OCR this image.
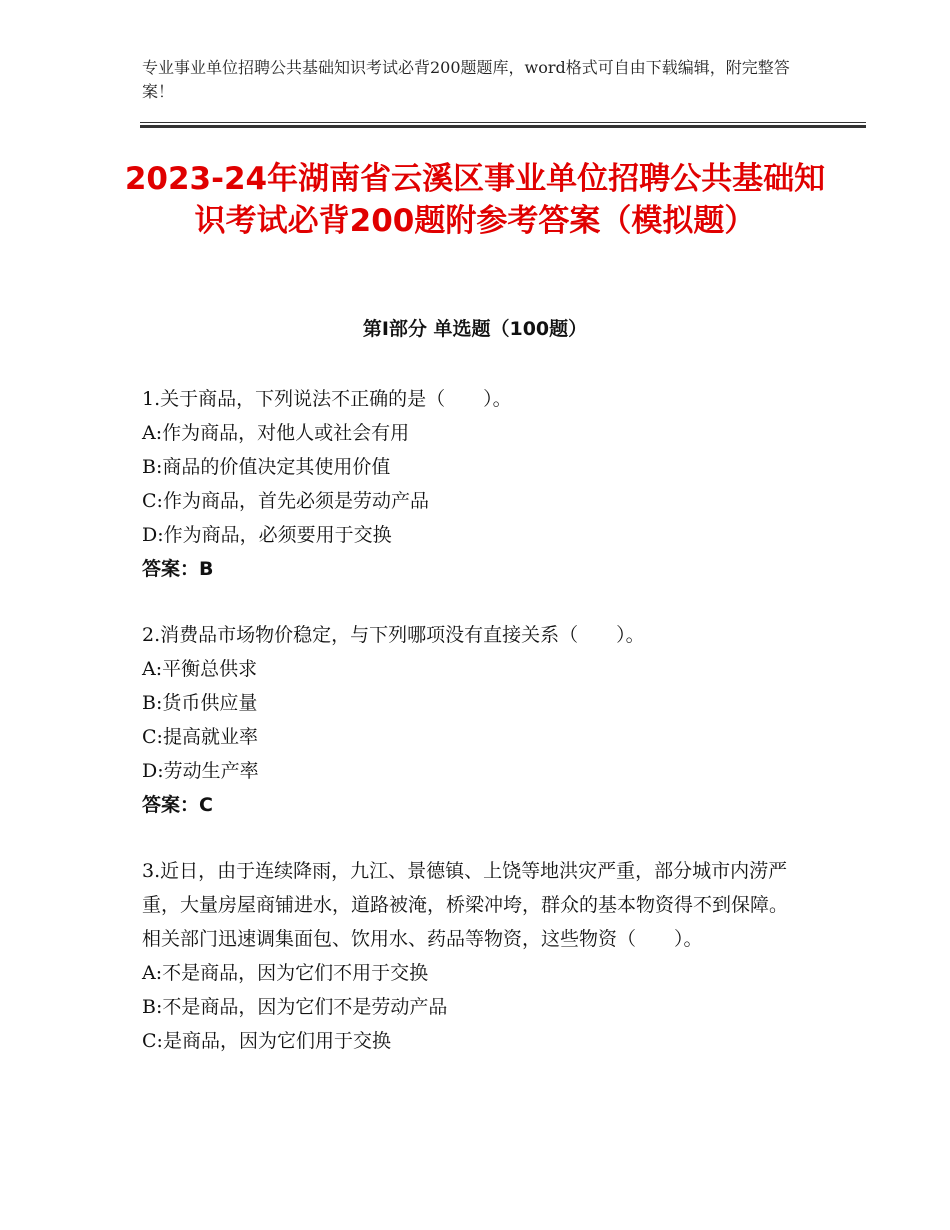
专业事业单位招聘公共基础知识考试必背200题题库，word格式可自由下载编辑，附完整答案！
2023-24年湖南省云溪区事业单位招聘公共基础知识考试必背200题附参考答案（模拟题）
第Ⅰ部分 单选题（100题）

1.关于商品，下列说法不正确的是（　　）。

A:作为商品，对他人或社会有用

B:商品的价值决定其使用价值

C:作为商品，首先必须是劳动产品

D:作为商品，必须要用于交换

答案：B

2.消费品市场物价稳定，与下列哪项没有直接关系（　　）。

A:平衡总供求

B:货币供应量

C:提高就业率

D:劳动生产率

答案：C

3.近日，由于连续降雨，九江、景德镇、上饶等地洪灾严重，部分城市内涝严重，大量房屋商铺进水，道路被淹，桥梁冲垮，群众的基本物资得不到保障。相关部门迅速调集面包、饮用水、药品等物资，这些物资（　　）。

A:不是商品，因为它们不用于交换

B:不是商品，因为它们不是劳动产品

C:是商品，因为它们用于交换
